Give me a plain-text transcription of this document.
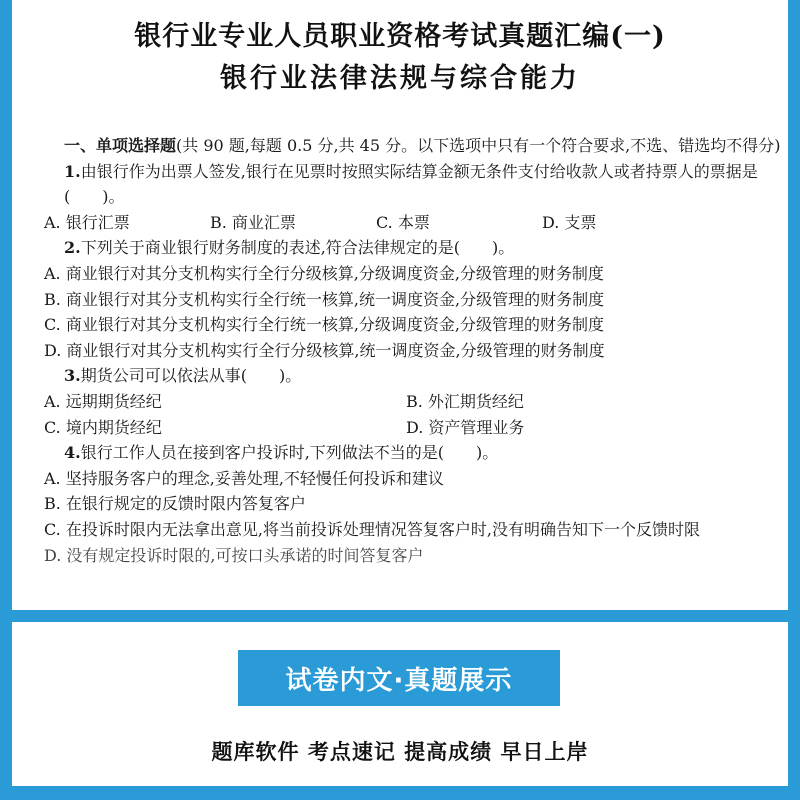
银行业专业人员职业资格考试真题汇编(一)
银行业法律法规与综合能力

一、单项选择题(共 90 题,每题 0.5 分,共 45 分。以下选项中只有一个符合要求,不选、错选均不得分)

1.由银行作为出票人签发,银行在见票时按照实际结算金额无条件支付给收款人或者持票人的票据是(　　)。

A. 银行汇票	B. 商业汇票	C. 本票	D. 支票

2.下列关于商业银行财务制度的表述,符合法律规定的是(　　)。

A. 商业银行对其分支机构实行全行分级核算,分级调度资金,分级管理的财务制度

B. 商业银行对其分支机构实行全行统一核算,统一调度资金,分级管理的财务制度

C. 商业银行对其分支机构实行全行统一核算,分级调度资金,分级管理的财务制度

D. 商业银行对其分支机构实行全行分级核算,统一调度资金,分级管理的财务制度

3.期货公司可以依法从事(　　)。

A. 远期期货经纪	B. 外汇期货经纪
C. 境内期货经纪	D. 资产管理业务

4.银行工作人员在接到客户投诉时,下列做法不当的是(　　)。

A. 坚持服务客户的理念,妥善处理,不轻慢任何投诉和建议

B. 在银行规定的反馈时限内答复客户

C. 在投诉时限内无法拿出意见,将当前投诉处理情况答复客户时,没有明确告知下一个反馈时限

D. 没有规定投诉时限的,可按口头承诺的时间答复客户

试卷内文·真题展示
题库软件 考点速记 提高成绩 早日上岸
